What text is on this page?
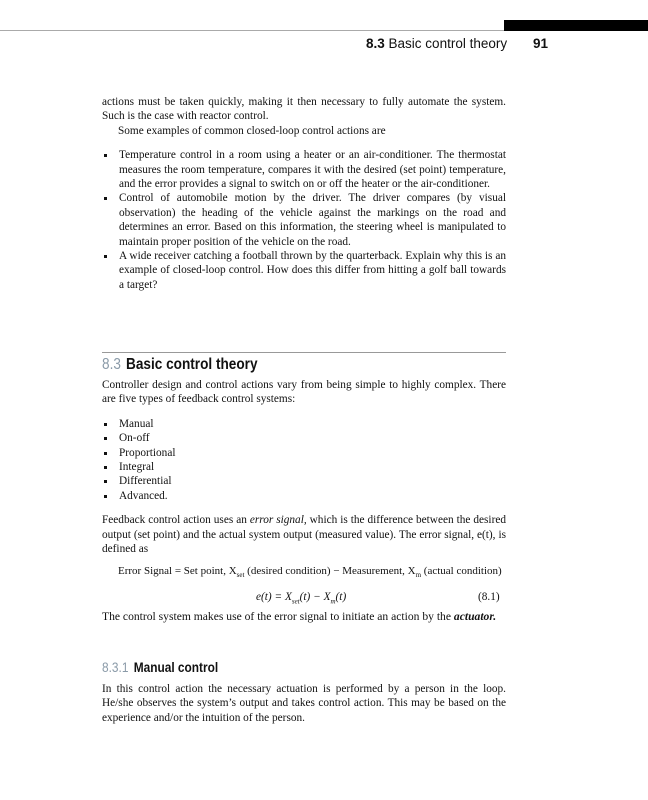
8.3 Basic control theory 91

actions must be taken quickly, making it then necessary to fully automate the system. Such is the case with reactor control.

Some examples of common closed-loop control actions are

Temperature control in a room using a heater or an air-conditioner. The thermostat measures the room temperature, compares it with the desired (set point) temperature, and the error provides a signal to switch on or off the heater or the air-conditioner.
Control of automobile motion by the driver. The driver compares (by visual observation) the heading of the vehicle against the markings on the road and determines an error. Based on this information, the steering wheel is manipulated to maintain proper position of the vehicle on the road.
A wide receiver catching a football thrown by the quarterback. Explain why this is an example of closed-loop control. How does this differ from hitting a golf ball towards a target?
8.3 Basic control theory

Controller design and control actions vary from being simple to highly complex. There are five types of feedback control systems:

Manual
On-off
Proportional
Integral
Differential
Advanced.

Feedback control action uses an error signal, which is the difference between the desired output (set point) and the actual system output (measured value). The error signal, e(t), is defined as

Error Signal = Set point, $X_{set}$ (desired condition) − Measurement, $X_m$ (actual condition)
$e(t) = X_{set}(t) - X_m(t)$	(8.1)
The control system makes use of the error signal to initiate an action by the actuator.
8.3.1 Manual control

In this control action the necessary actuation is performed by a person in the loop. He/she observes the system’s output and takes control action. This may be based on the experience and/or the intuition of the person.
